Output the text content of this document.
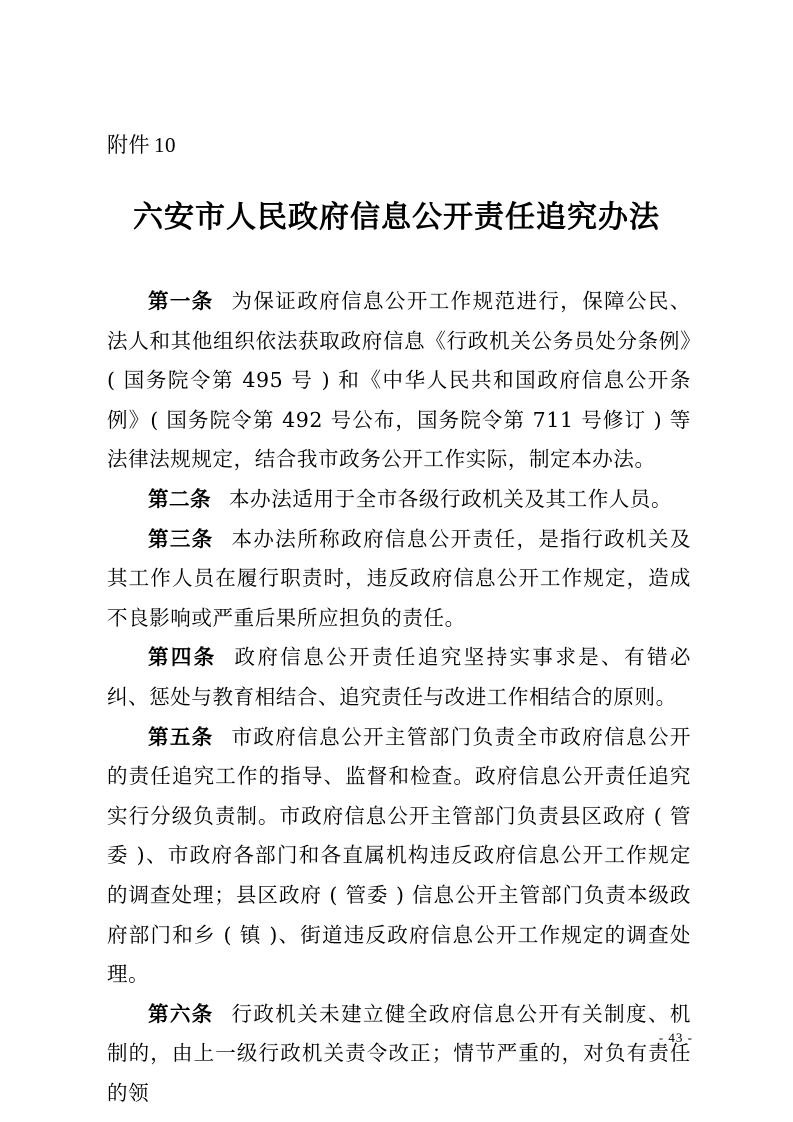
附件 10
六安市人民政府信息公开责任追究办法

第一条 为保证政府信息公开工作规范进行，保障公民、法人和其他组织依法获取政府信息《行政机关公务员处分条例》( 国务院令第 495 号 ) 和《中华人民共和国政府信息公开条例》( 国务院令第 492 号公布，国务院令第 711 号修订 ) 等法律法规规定，结合我市政务公开工作实际，制定本办法。

第二条 本办法适用于全市各级行政机关及其工作人员。

第三条 本办法所称政府信息公开责任，是指行政机关及其工作人员在履行职责时，违反政府信息公开工作规定，造成不良影响或严重后果所应担负的责任。

第四条 政府信息公开责任追究坚持实事求是、有错必纠、惩处与教育相结合、追究责任与改进工作相结合的原则。

第五条 市政府信息公开主管部门负责全市政府信息公开的责任追究工作的指导、监督和检查。政府信息公开责任追究实行分级负责制。市政府信息公开主管部门负责县区政府 ( 管委 )、市政府各部门和各直属机构违反政府信息公开工作规定的调查处理；县区政府 ( 管委 ) 信息公开主管部门负责本级政府部门和乡 ( 镇 )、街道违反政府信息公开工作规定的调查处理。

第六条 行政机关未建立健全政府信息公开有关制度、机制的，由上一级行政机关责令改正；情节严重的，对负有责任的领

- 43 -
